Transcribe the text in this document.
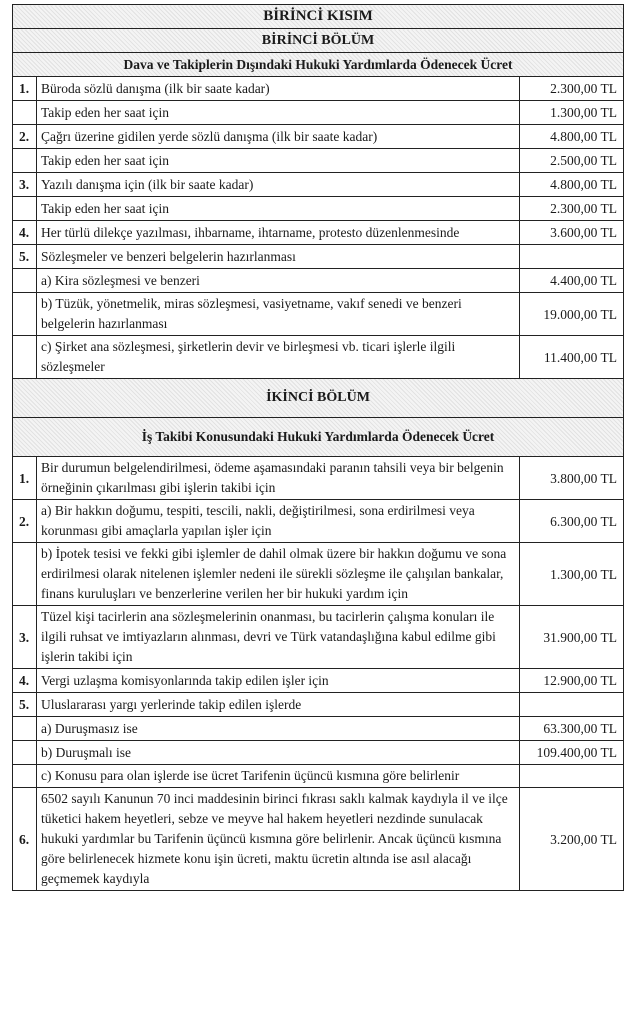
BİRİNCİ KISIM		
BİRİNCİ BÖLÜM		
Dava ve Takiplerin Dışındaki Hukuki Yardımlarda Ödenecek Ücret		
1.	Büroda sözlü danışma (ilk bir saate kadar)	2.300,00 TL
	Takip eden her saat için	1.300,00 TL
2.	Çağrı üzerine gidilen yerde sözlü danışma (ilk bir saate kadar)	4.800,00 TL
	Takip eden her saat için	2.500,00 TL
3.	Yazılı danışma için (ilk bir saate kadar)	4.800,00 TL
	Takip eden her saat için	2.300,00 TL
4.	Her türlü dilekçe yazılması, ihbarname, ihtarname, protesto düzenlenmesinde	3.600,00 TL
5.	Sözleşmeler ve benzeri belgelerin hazırlanması	
	a) Kira sözleşmesi ve benzeri	4.400,00 TL
	b) Tüzük, yönetmelik, miras sözleşmesi, vasiyetname, vakıf senedi ve benzeri belgelerin hazırlanması	19.000,00 TL
	c) Şirket ana sözleşmesi, şirketlerin devir ve birleşmesi vb. ticari işlerle ilgili sözleşmeler	11.400,00 TL
İKİNCİ BÖLÜM		
İş Takibi Konusundaki Hukuki Yardımlarda Ödenecek Ücret		
1.	Bir durumun belgelendirilmesi, ödeme aşamasındaki paranın tahsili veya bir belgenin örneğinin çıkarılması gibi işlerin takibi için	3.800,00 TL
2.	a) Bir hakkın doğumu, tespiti, tescili, nakli, değiştirilmesi, sona erdirilmesi veya korunması gibi amaçlarla yapılan işler için	6.300,00 TL
	b) İpotek tesisi ve fekki gibi işlemler de dahil olmak üzere bir hakkın doğumu ve sona erdirilmesi olarak nitelenen işlemler nedeni ile sürekli sözleşme ile çalışılan bankalar, finans kuruluşları ve benzerlerine verilen her bir hukuki yardım için	1.300,00 TL
3.	Tüzel kişi tacirlerin ana sözleşmelerinin onanması, bu tacirlerin çalışma konuları ile ilgili ruhsat ve imtiyazların alınması, devri ve Türk vatandaşlığına kabul edilme gibi işlerin takibi için	31.900,00 TL
4.	Vergi uzlaşma komisyonlarında takip edilen işler için	12.900,00 TL
5.	Uluslararası yargı yerlerinde takip edilen işlerde	
	a) Duruşmasız ise	63.300,00 TL
	b) Duruşmalı ise	109.400,00 TL
	c) Konusu para olan işlerde ise ücret Tarifenin üçüncü kısmına göre belirlenir	
6.	6502 sayılı Kanunun 70 inci maddesinin birinci fıkrası saklı kalmak kaydıyla il ve ilçe tüketici hakem heyetleri, sebze ve meyve hal hakem heyetleri nezdinde sunulacak hukuki yardımlar bu Tarifenin üçüncü kısmına göre belirlenir. Ancak üçüncü kısmına göre belirlenecek hizmete konu işin ücreti, maktu ücretin altında ise asıl alacağı geçmemek kaydıyla	3.200,00 TL
